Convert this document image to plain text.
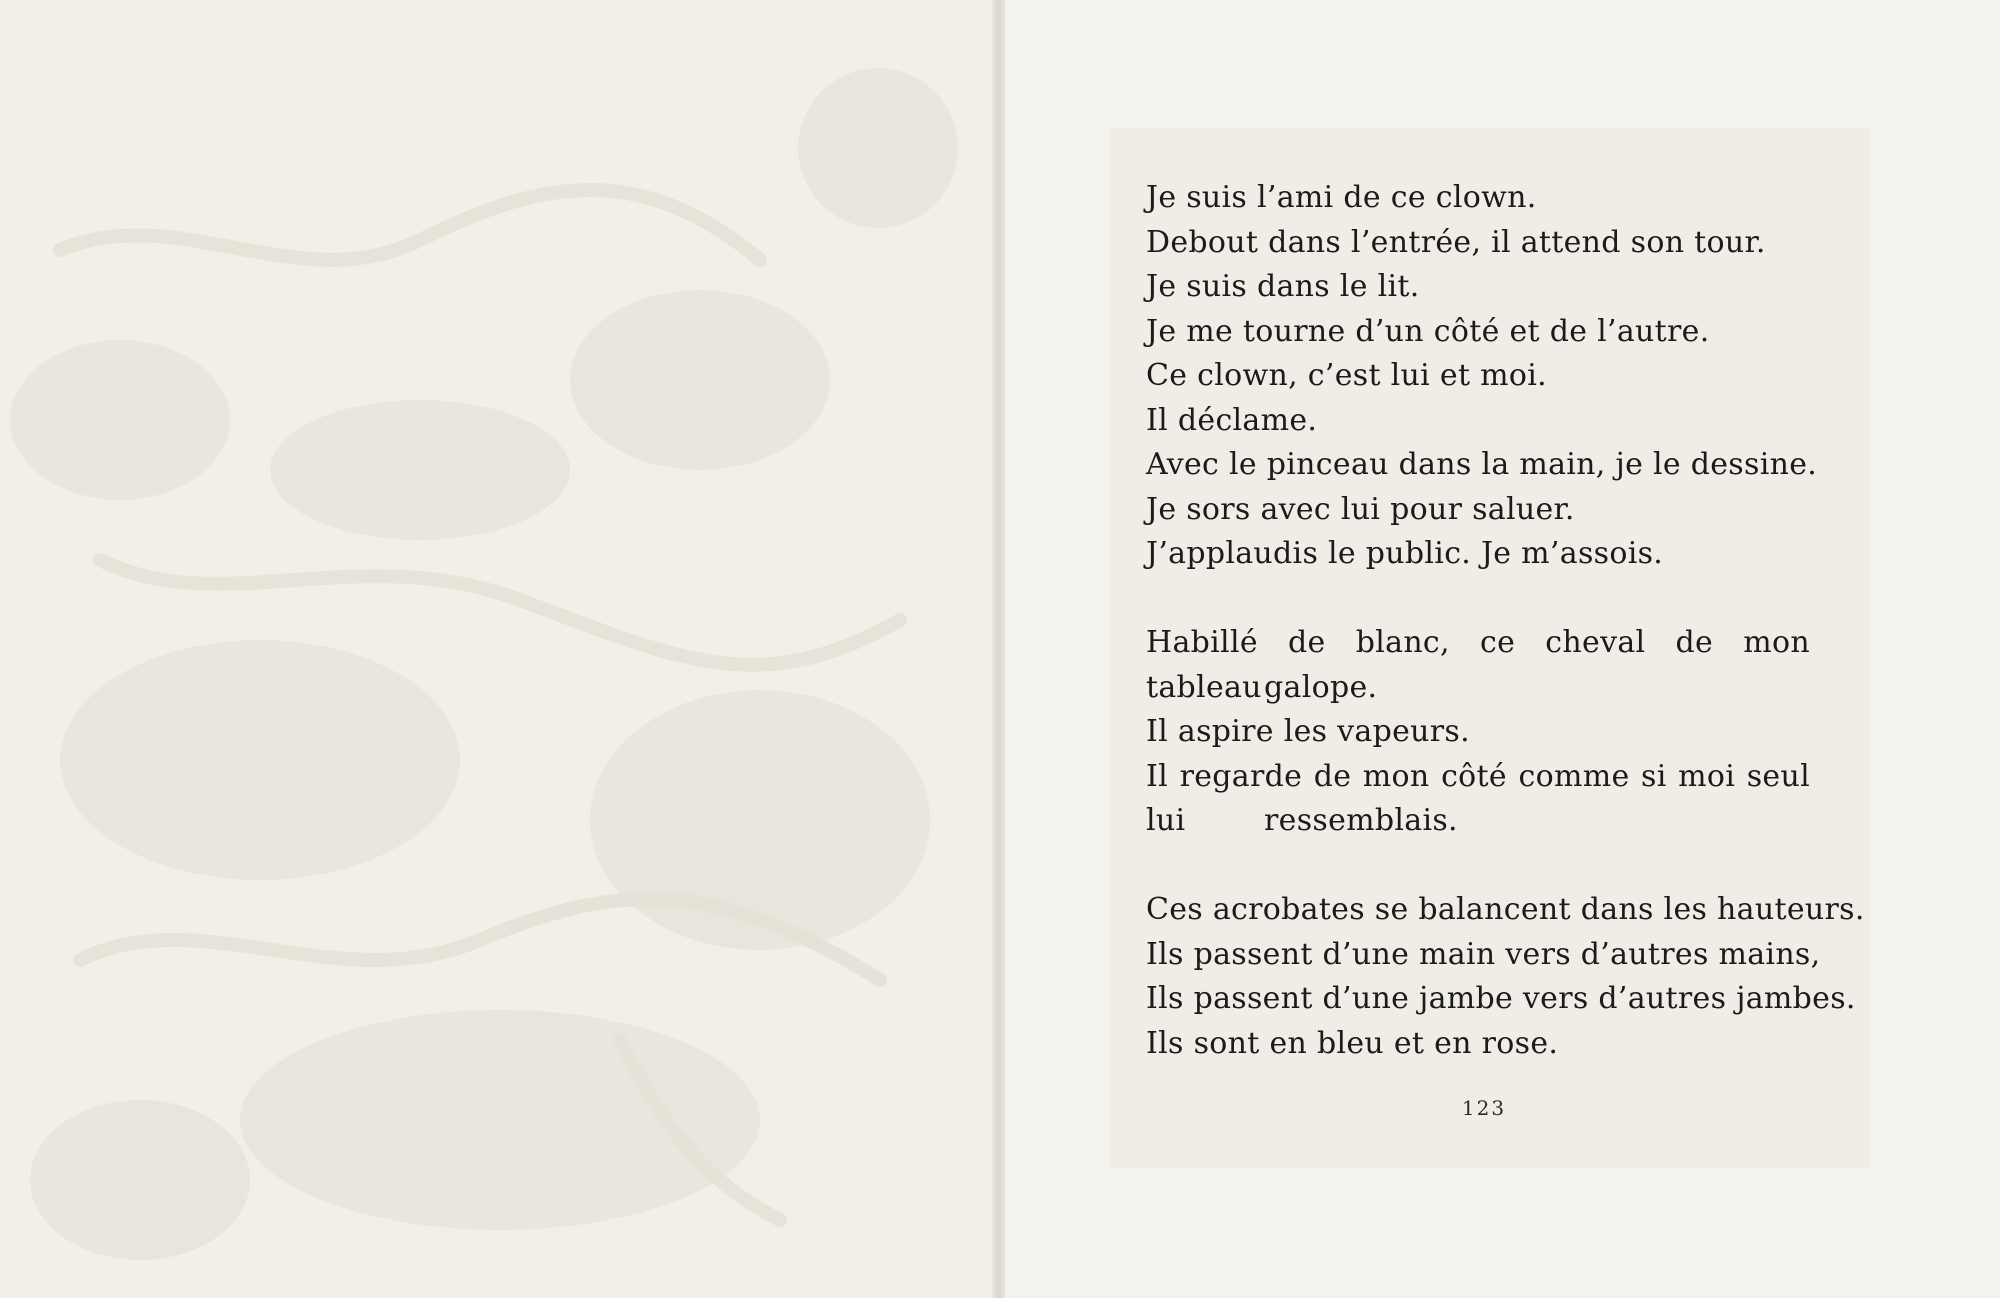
Je suis l’ami de ce clown.
Debout dans l’entrée, il attend son tour.
Je suis dans le lit.
Je me tourne d’un côté et de l’autre.
Ce clown, c’est lui et moi.
Il déclame.
Avec le pinceau dans la main, je le dessine.
Je sors avec lui pour saluer.
J’applaudis le public. Je m’assois.
Habillé de blanc, ce cheval de mon tableau galope.
Il aspire les vapeurs.
Il regarde de mon côté comme si moi seul lui	ressemblais.
Ces acrobates se balancent dans les hauteurs.
Ils passent d’une main vers d’autres mains,
Ils passent d’une jambe vers d’autres jambes.
Ils sont en bleu et en rose.
123
